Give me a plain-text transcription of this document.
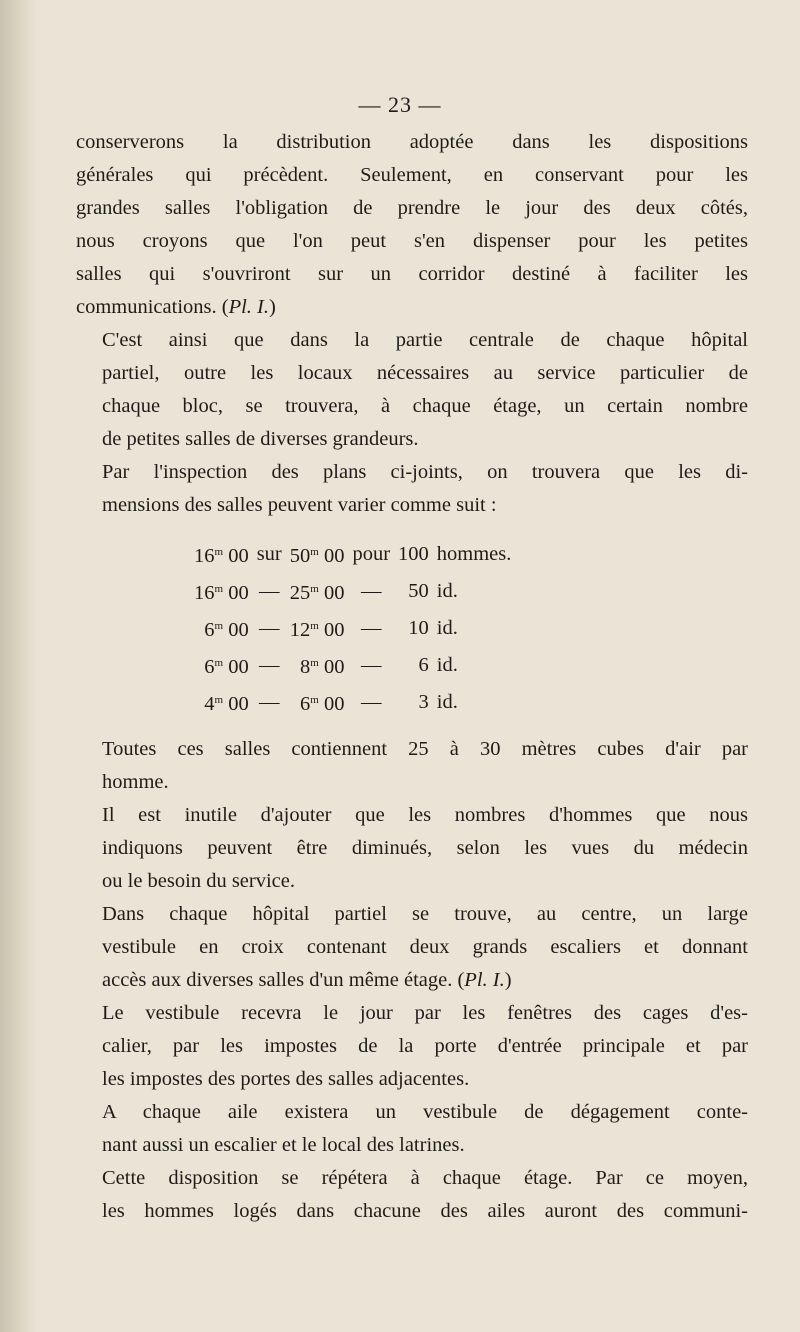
— 23 —

conserverons la distribution adoptée dans les dispositions
générales qui précèdent. Seulement, en conservant pour les
grandes salles l'obligation de prendre le jour des deux côtés,
nous croyons que l'on peut s'en dispenser pour les petites
salles qui s'ouvriront sur un corridor destiné à faciliter les
communications. (Pl. I.)

C'est ainsi que dans la partie centrale de chaque hôpital
partiel, outre les locaux nécessaires au service particulier de
chaque bloc, se trouvera, à chaque étage, un certain nombre
de petites salles de diverses grandeurs.

Par l'inspection des plans ci-joints, on trouvera que les di-
mensions des salles peuvent varier comme suit :

16$^m$ 00	sur	50$^m$ 00	pour	100	hommes.
16$^m$ 00	—	25$^m$ 00	—	50	id.
6$^m$ 00	—	12$^m$ 00	—	10	id.
6$^m$ 00	—	8$^m$ 00	—	6	id.
4$^m$ 00	—	6$^m$ 00	—	3	id.

Toutes ces salles contiennent 25 à 30 mètres cubes d'air par
homme.

Il est inutile d'ajouter que les nombres d'hommes que nous
indiquons peuvent être diminués, selon les vues du médecin
ou le besoin du service.

Dans chaque hôpital partiel se trouve, au centre, un large
vestibule en croix contenant deux grands escaliers et donnant
accès aux diverses salles d'un même étage. (Pl. I.)

Le vestibule recevra le jour par les fenêtres des cages d'es-
calier, par les impostes de la porte d'entrée principale et par
les impostes des portes des salles adjacentes.

A chaque aile existera un vestibule de dégagement conte-
nant aussi un escalier et le local des latrines.

Cette disposition se répétera à chaque étage. Par ce moyen,
les hommes logés dans chacune des ailes auront des communi-
